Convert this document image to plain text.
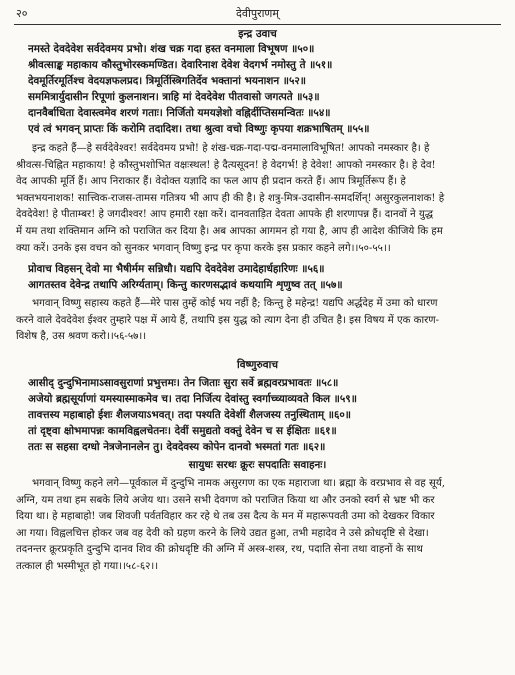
२०	देवीपुराणम्
इन्द्र उवाच
नमस्ते देवदेवेश सर्वदेवमय प्रभो। शंख चक्र गदा हस्त वनमाला विभूषण ॥५०॥
श्रीवत्साङ्क महाकाय कौस्तुभोरस्कमण्डित। देवारिनाश देवेश वेदगर्भ नमोस्तु ते ॥५१॥
देवमूर्तिरमूर्तिश्च वेदयज्ञफलप्रद। त्रिमूर्तिस्त्रिगतिर्देव भक्तानां भयनाशन ॥५२॥
सममित्रार्युदासीन रिपूणां कुलनाशन। त्राहि मां देवदेवेश पीतवासो जगत्पते ॥५३॥
दानवैर्बाधिता देवास्त्वमेव शरणं गताः। निर्जितो यमयज्ञेशो वह्निर्दीप्तिसमन्वितः ॥५४॥
एवं त्वं भगवन् प्राप्तः किं करोमि तदादिश। तथा श्रुत्वा वचो विष्णुः कृपया शक्रभाषितम् ॥५५॥
इन्द्र कहते हैं—हे सर्वदेवेश्वर! सर्वदेवमय प्रभो! हे शंख-चक्र-गदा-पद्म-वनमालाविभूषित! आपको नमस्कार है। हे
श्रीवत्स-चिह्नित महाकाय! हे कौस्तुभशोभित वक्षःस्थल! हे दैत्यसूदन! हे वेदगर्भ! हे देवेश! आपको नमस्कार है। हे देव!
वेद आपकी मूर्ति हैं। आप निराकार हैं। वेदोक्त यज्ञादि का फल आप ही प्रदान करते हैं। आप त्रिमूर्तिरूप हैं। हे
भक्तभयनाशक! सात्त्विक-राजस-तामस गतित्रय भी आप ही की है। हे शत्रु-मित्र-उदासीन-समदर्शिन्! असुरकुलनाशक! हे
देवदेवेश! हे पीताम्बर! हे जगदीश्वर! आप हमारी रक्षा करें। दानवताड़ित देवता आपके ही शरणापन्न हैं। दानवों ने युद्ध
में यम तथा शक्तिमान अग्नि को पराजित कर दिया है। अब आपका आगमन हो गया है, आप ही आदेश कीजिये कि हम
क्या करें। उनके इस वचन को सुनकर भगवान् विष्णु इन्द्र पर कृपा करके इस प्रकार कहने लगे।।५०-५५।।
प्रोवाच विहसन् देवो मा भैषीर्मम सन्निधौ। यद्यपि देवदेवेश उमादेहार्धहारिणः ॥५६॥
आगतस्तव देवेन्द्र तथापि अरिर्ग्यताम्। किन्तु कारणसद्भावं कथयामि शृणुष्व तत् ॥५७॥
भगवान् विष्णु सहास्य कहते हैं—मेरे पास तुम्हें कोई भय नहीं है; किन्तु हे महेन्द्र! यद्यपि अर्द्धदेह में उमा को धारण
करने वाले देवदेवेश ईश्वर तुम्हारे पक्ष में आये हैं, तथापि इस युद्ध को त्याग देना ही उचित है। इस विषय में एक कारण-
विशेष है, उस श्रवण करो।।५६-५७।।
विष्णुरुवाच
आसीद् दुन्दुभिनामाऽसावसुराणां प्रभुत्तमः। तेन जिताः सुरा सर्वे ब्रह्मवरप्रभावतः ॥५८॥
अजेयो ब्रह्मसूर्याणां यमस्यास्माकमेव च। तदा निर्जित्य देवांस्तु स्वर्गाच्च्याव्यवते किल ॥५९॥
तावत्तस्य महाबाहो ईशः शैलजयाऽभवत्। तदा पश्यति देवेशीं शैलजस्य तनुस्थिताम् ॥६०॥
तां दृष्ट्वा क्षोभमापन्नः कामविह्वलचेतनः। देवीं समुद्यतो वक्तुं देवेन च स ईक्षितः ॥६१॥
ततः स सहसा दग्धो नेत्रजेनानलेन तु। देवदेवस्य कोपेन दानवो भस्मतां गतः ॥६२॥
सायुधः सरथः क्रूरः सपदातिः सवाहनः।
भगवान् विष्णु कहने लगे—पूर्वकाल में दुन्दुभि नामक असुरगण का एक महाराजा था। ब्रह्मा के वरप्रभाव से वह सूर्य,
अग्नि, यम तथा हम सबके लिये अजेय था। उसने सभी देवगण को पराजित किया था और उनको स्वर्ग से भ्रष्ट भी कर
दिया था। हे महाबाहो! जब शिवजी पर्वतविहार कर रहे थे तब उस दैत्य के मन में महारूपवती उमा को देखकर विकार
आ गया। विह्वलचित्त होकर जब वह देवी को ग्रहण करने के लिये उद्यत हुआ, तभी महादेव ने उसे क्रोधदृष्टि से देखा।
तदनन्तर क्रूरप्रकृति दुन्दुभि दानव शिव की क्रोधदृष्टि की अग्नि में अस्त्र-शस्त्र, रथ, पदाति सेना तथा वाहनों के साथ
तत्काल ही भस्मीभूत हो गया।।५८-६२।।
